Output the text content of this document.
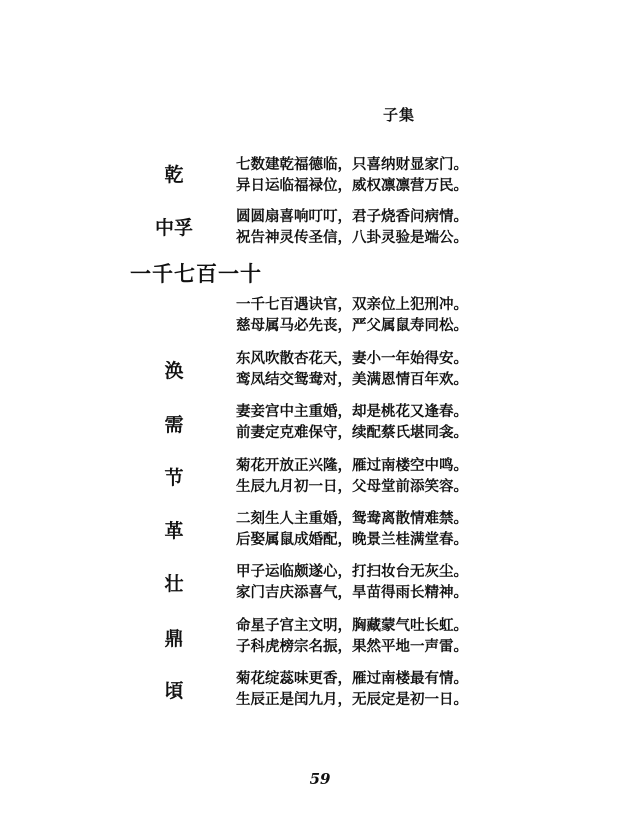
子集
乾	七数建乾福德临，只喜纳财显家门。
异日运临福禄位，威权凛凛营万民。
中孚
圆圆扇喜响叮叮，君子烧香问病情。
祝告神灵传圣信，八卦灵验是端公。
一千七百一十
一千七百遇诀官，双亲位上犯刑冲。
慈母属马必先丧，严父属鼠寿同松。
涣
东风吹散杏花天，妻小一年始得安。
鸾凤结交鸳鸯对，美满恩情百年欢。
需
妻妾宫中主重婚，却是桃花又逢春。
前妻定克难保守，续配蔡氏堪同衾。
节
菊花开放正兴隆，雁过南楼空中鸣。
生辰九月初一日，父母堂前添笑容。
革
二刻生人主重婚，鸳鸯离散情难禁。
后娶属鼠成婚配，晚景兰桂满堂春。
壮
甲子运临颇遂心，打扫妆台无灰尘。
家门吉庆添喜气，旱苗得雨长精神。
鼎
命星子宫主文明，胸藏蒙气吐长虹。
子科虎榜宗名振，果然平地一声雷。
頃
菊花绽蕊味更香，雁过南楼最有情。
生辰正是闰九月，无辰定是初一日。
59
